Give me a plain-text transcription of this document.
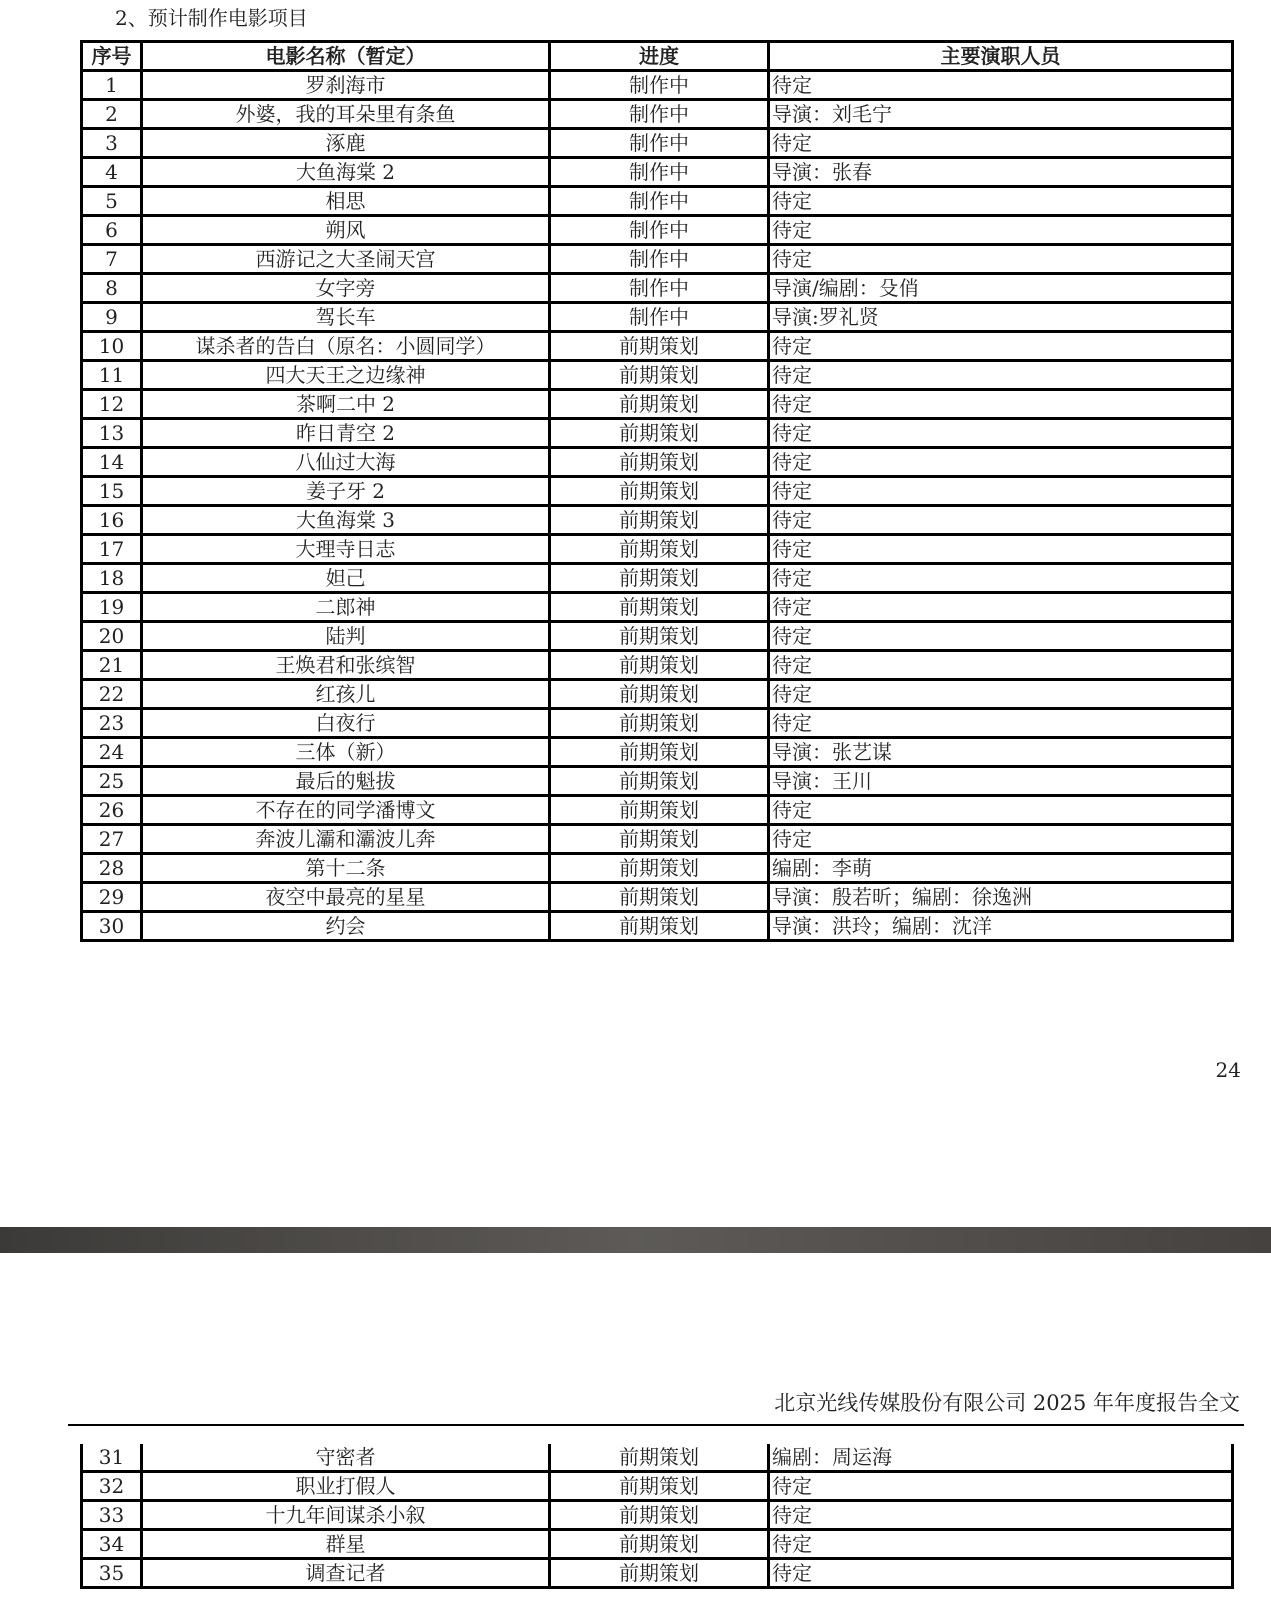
2、预计制作电影项目
序号	电影名称（暂定）	进度	主要演职人员
1	罗刹海市	制作中	待定
2	外婆，我的耳朵里有条鱼	制作中	导演：刘毛宁
3	涿鹿	制作中	待定
4	大鱼海棠 2	制作中	导演：张春
5	相思	制作中	待定
6	朔风	制作中	待定
7	西游记之大圣闹天宫	制作中	待定
8	女字旁	制作中	导演/编剧：殳俏
9	驾长车	制作中	导演:罗礼贤
10	谋杀者的告白（原名：小圆同学）	前期策划	待定
11	四大天王之边缘神	前期策划	待定
12	茶啊二中 2	前期策划	待定
13	昨日青空 2	前期策划	待定
14	八仙过大海	前期策划	待定
15	姜子牙 2	前期策划	待定
16	大鱼海棠 3	前期策划	待定
17	大理寺日志	前期策划	待定
18	妲己	前期策划	待定
19	二郎神	前期策划	待定
20	陆判	前期策划	待定
21	王焕君和张缤智	前期策划	待定
22	红孩儿	前期策划	待定
23	白夜行	前期策划	待定
24	三体（新）	前期策划	导演：张艺谋
25	最后的魁拔	前期策划	导演：王川
26	不存在的同学潘博文	前期策划	待定
27	奔波儿灞和灞波儿奔	前期策划	待定
28	第十二条	前期策划	编剧：李萌
29	夜空中最亮的星星	前期策划	导演：殷若昕；编剧：徐逸洲
30	约会	前期策划	导演：洪玲；编剧：沈洋
24
北京光线传媒股份有限公司 2025 年年度报告全文
31	守密者	前期策划	编剧：周运海
32	职业打假人	前期策划	待定
33	十九年间谋杀小叙	前期策划	待定
34	群星	前期策划	待定
35	调查记者	前期策划	待定
